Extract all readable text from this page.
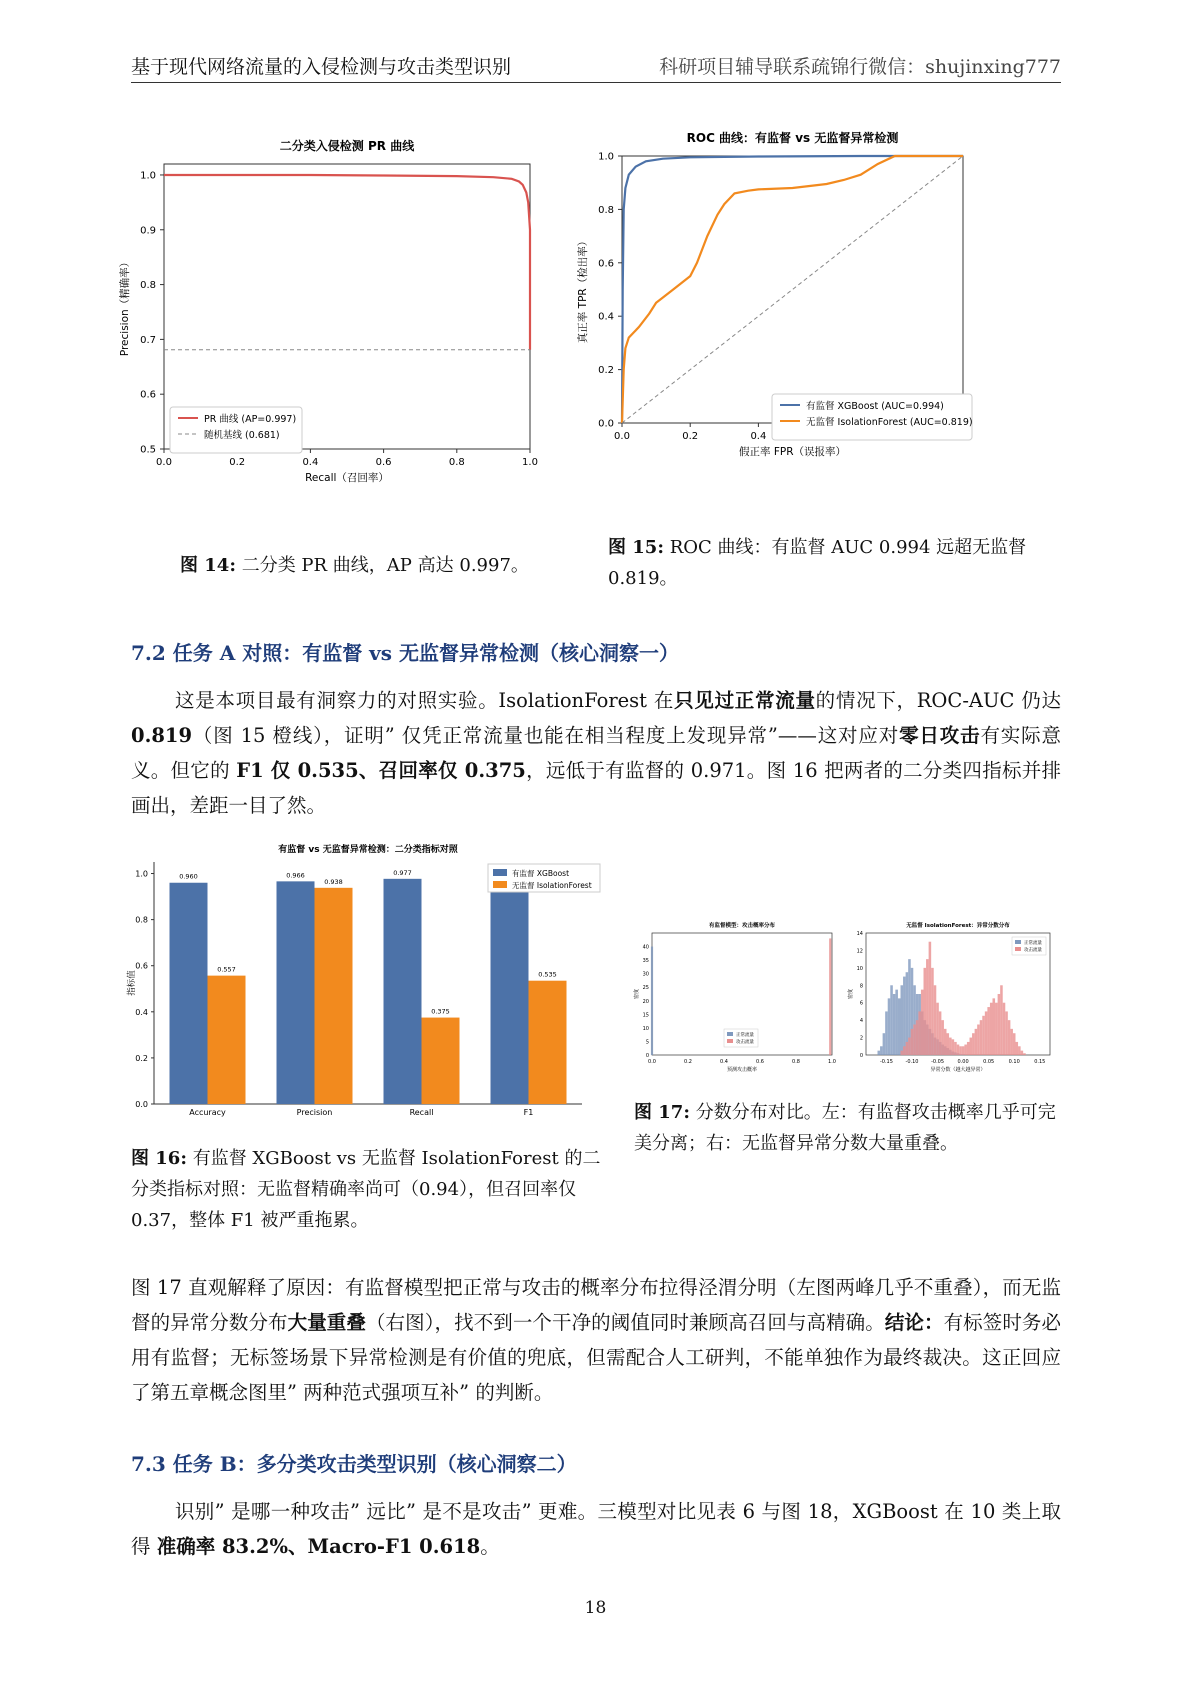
基于现代网络流量的入侵检测与攻击类型识别	科研项目辅导联系疏锦行微信：shujinxing777
二分类入侵检测 PR 曲线
0.0	0.2	0.4	0.6	0.8	1.0
0.5
0.6
0.7
0.8
0.9
1.0
Recall（召回率）
Precision（精确率）
PR 曲线 (AP=0.997)
随机基线 (0.681)
图 14: 二分类 PR 曲线，AP 高达 0.997。
ROC 曲线：有监督 vs 无监督异常检测
0.0	0.2	0.4
0.0
0.2
0.4
0.6
0.8
1.0
假正率 FPR（误报率）
真正率 TPR（检出率）
有监督 XGBoost (AUC=0.994)
无监督 IsolationForest (AUC=0.819)
图 15: ROC 曲线：有监督 AUC 0.994 远超无监督
0.819。
7.2 任务 A 对照：有监督 vs 无监督异常检测（核心洞察一）
这是本项目最有洞察力的对照实验。IsolationForest 在只见过正常流量的情况下，ROC-AUC 仍达 0.819（图 15 橙线），证明” 仅凭正常流量也能在相当程度上发现异常”——这对应对零日攻击有实际意义。但它的 F1 仅 0.535、召回率仅 0.375，远低于有监督的 0.971。图 16 把两者的二分类四指标并排画出，差距一目了然。
有监督 vs 无监督异常检测：二分类指标对照
0.0
0.2
0.4
0.6
0.8
1.0
指标值
Accuracy
0.960
0.557
Precision
0.966
0.938
Recall
0.977
0.375
F1
0.535
有监督 XGBoost
无监督 IsolationForest
图 16: 有监督 XGBoost vs 无监督 IsolationForest 的二分类指标对照：无监督精确率尚可（0.94），但召回率仅 0.37，整体 F1 被严重拖累。
有监督模型：攻击概率分布
0.0	0.2	0.4	0.6	0.8	1.0
0
5
10
15
20
25
30
35
40
预测攻击概率
密度
正常流量
攻击流量
无监督 IsolationForest：异常分数分布
-0.15	-0.10	-0.05	0.00	0.05	0.10	0.15
0
2
4
6
8
10
12
14
异常分数（越大越异常）
密度
正常流量
攻击流量
图 17: 分数分布对比。左：有监督攻击概率几乎可完美分离；右：无监督异常分数大量重叠。
图 17 直观解释了原因：有监督模型把正常与攻击的概率分布拉得泾渭分明（左图两峰几乎不重叠），而无监督的异常分数分布大量重叠（右图），找不到一个干净的阈值同时兼顾高召回与高精确。结论：有标签时务必用有监督；无标签场景下异常检测是有价值的兜底，但需配合人工研判，不能单独作为最终裁决。这正回应了第五章概念图里” 两种范式强项互补” 的判断。
7.3 任务 B：多分类攻击类型识别（核心洞察二）
识别” 是哪一种攻击” 远比” 是不是攻击” 更难。三模型对比见表 6 与图 18，XGBoost 在 10 类上取得 准确率 83.2%、Macro-F1 0.618。
18
